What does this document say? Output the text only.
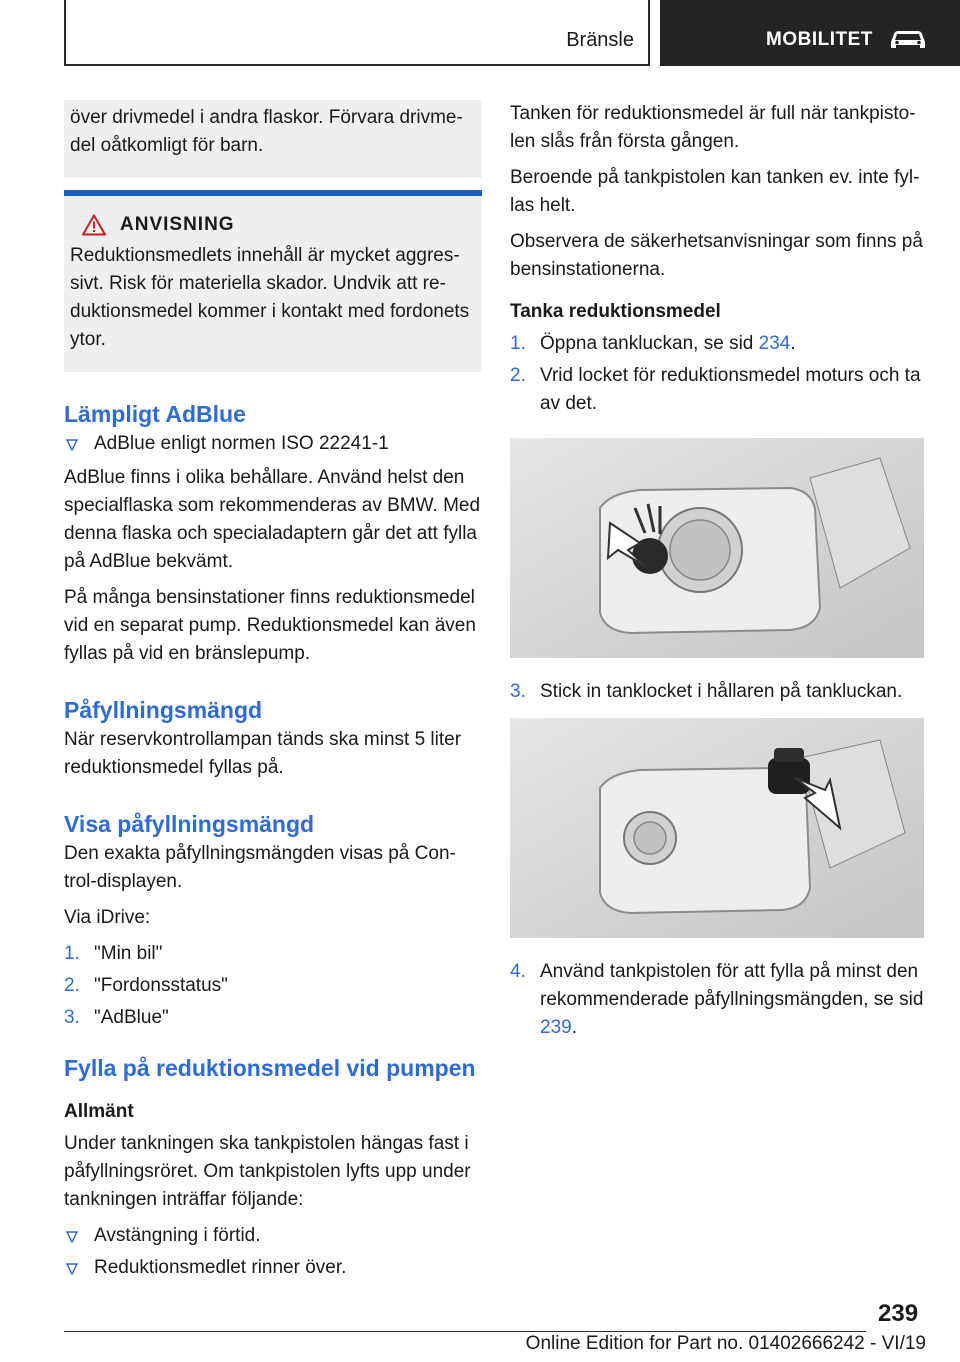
Bränsle	MOBILITET

över drivmedel i andra flaskor. Förvara drivmedel oåtkomligt för barn.

ANVISNING

Reduktionsmedlets innehåll är mycket aggressivt. Risk för materiella skador. Undvik att reduktionsmedel kommer i kontakt med fordonets ytor.

Lämpligt AdBlue
AdBlue enligt normen ISO 22241-1

AdBlue finns i olika behållare. Använd helst den specialflaska som rekommenderas av BMW. Med denna flaska och specialadaptern går det att fylla på AdBlue bekvämt.

På många bensinstationer finns reduktionsmedel vid en separat pump. Reduktionsmedel kan även fyllas på vid en bränslepump.

Påfyllningsmängd

När reservkontrollampan tänds ska minst 5 liter reduktionsmedel fyllas på.

Visa påfyllningsmängd

Den exakta påfyllningsmängden visas på Control-displayen.

Via iDrive:

1. "Min bil"
2. "Fordonsstatus"
3. "AdBlue"
Fylla på reduktionsmedel vid pumpen
Allmänt

Under tankningen ska tankpistolen hängas fast i påfyllningsröret. Om tankpistolen lyfts upp under tankningen inträffar följande:

Avstängning i förtid.
Reduktionsmedlet rinner över.

Tanken för reduktionsmedel är full när tankpistolen slås från första gången.

Beroende på tankpistolen kan tanken ev. inte fyllas helt.

Observera de säkerhetsanvisningar som finns på bensinstationerna.

Tanka reduktionsmedel
1. Öppna tankluckan, se sid 234.
2. Vrid locket för reduktionsmedel moturs och ta av det.
3. Stick in tanklocket i hållaren på tankluckan.
4. Använd tankpistolen för att fylla på minst den rekommenderade påfyllningsmängden, se sid 239.
239
Online Edition for Part no. 01402666242 - VI/19
